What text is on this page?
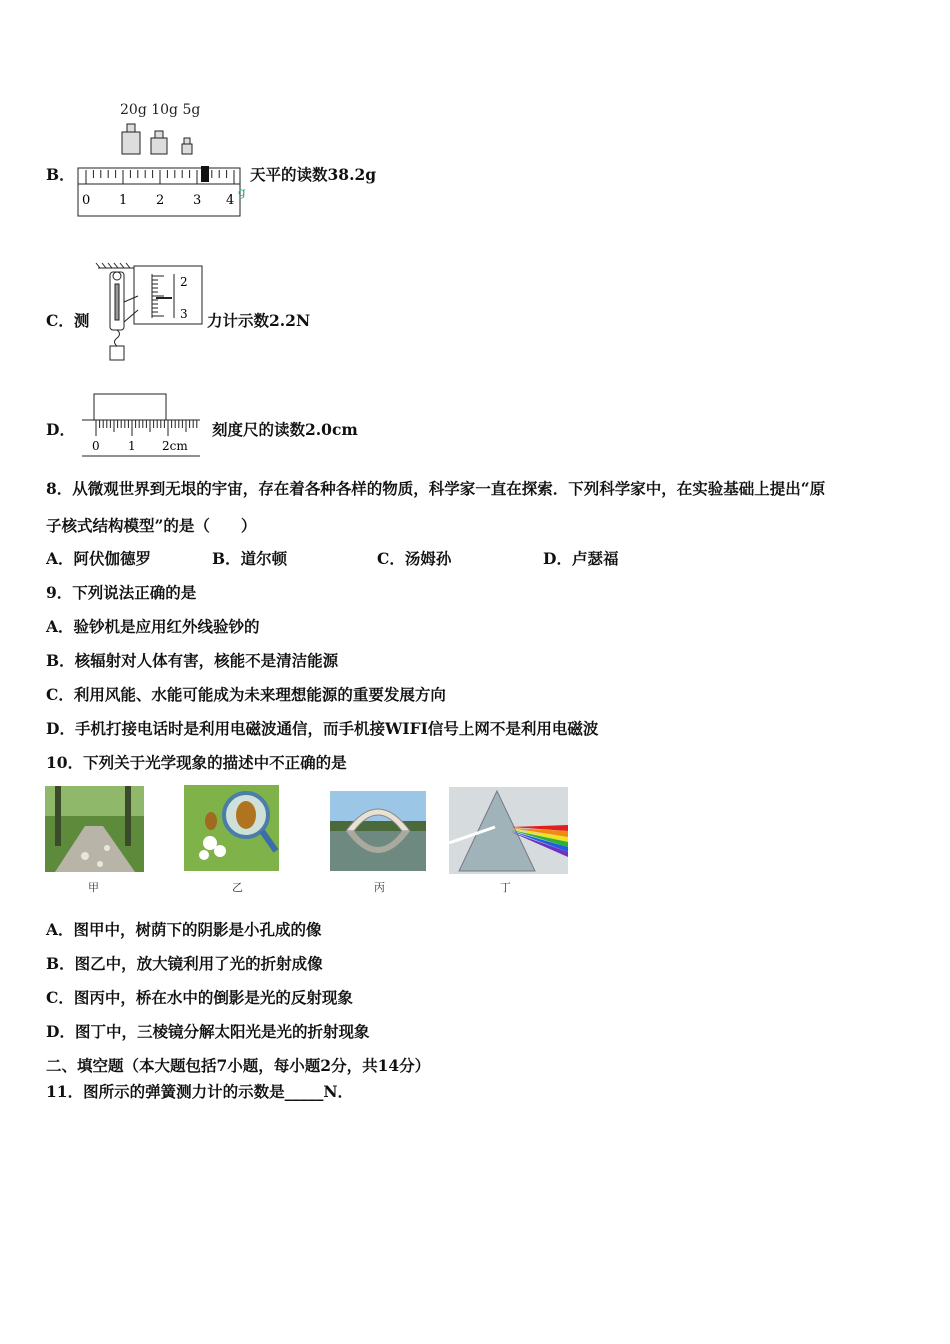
B．
20g 10g 5g
0 1 2 3 4
g
天平的读数38.2g
C．测
2
3 力计示数2.2N
D．
0 1 2cm
刻度尺的读数2.0cm
8．从微观世界到无垠的宇宙，存在着各种各样的物质，科学家一直在探索．下列科学家中，在实验基础上提出“原
子核式结构模型”的是（　　）
A．阿伏伽德罗	B．道尔顿	C．汤姆孙	D．卢瑟福
9．下列说法正确的是
A．验钞机是应用红外线验钞的
B．核辐射对人体有害，核能不是清洁能源
C．利用风能、水能可能成为未来理想能源的重要发展方向
D．手机打接电话时是利用电磁波通信，而手机接WIFI信号上网不是利用电磁波
10．下列关于光学现象的描述中不正确的是
甲	乙	丙	丁
A．图甲中，树荫下的阴影是小孔成的像
B．图乙中，放大镜利用了光的折射成像
C．图丙中，桥在水中的倒影是光的反射现象
D．图丁中，三棱镜分解太阳光是光的折射现象
二、填空题（本大题包括7小题，每小题2分，共14分）
11．图所示的弹簧测力计的示数是_____N．
